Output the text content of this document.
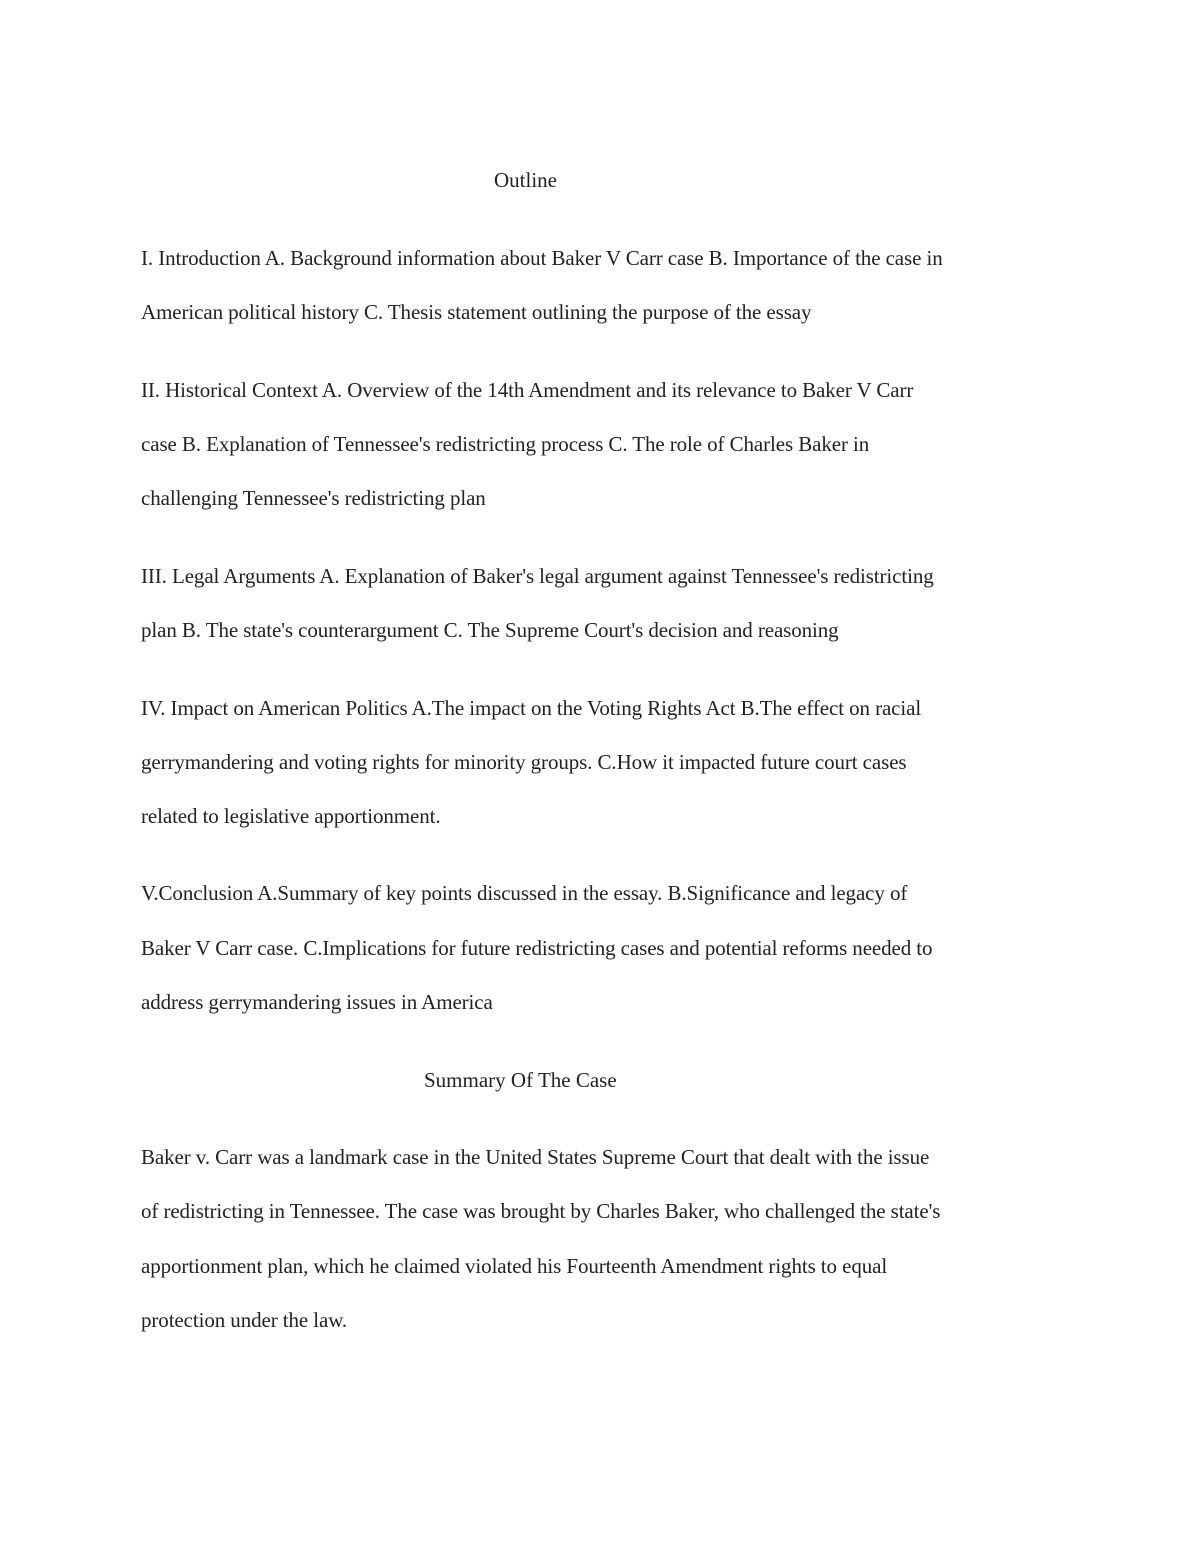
Outline
I. Introduction A. Background information about Baker V Carr case B. Importance of the case in
American political history C. Thesis statement outlining the purpose of the essay
II. Historical Context A. Overview of the 14th Amendment and its relevance to Baker V Carr
case B. Explanation of Tennessee's redistricting process C. The role of Charles Baker in
challenging Tennessee's redistricting plan
III. Legal Arguments A. Explanation of Baker's legal argument against Tennessee's redistricting
plan B. The state's counterargument C. The Supreme Court's decision and reasoning
IV. Impact on American Politics A.The impact on the Voting Rights Act B.The effect on racial
gerrymandering and voting rights for minority groups. C.How it impacted future court cases
related to legislative apportionment.
V.Conclusion A.Summary of key points discussed in the essay. B.Significance and legacy of
Baker V Carr case. C.Implications for future redistricting cases and potential reforms needed to
address gerrymandering issues in America
Summary Of The Case
Baker v. Carr was a landmark case in the United States Supreme Court that dealt with the issue
of redistricting in Tennessee. The case was brought by Charles Baker, who challenged the state's
apportionment plan, which he claimed violated his Fourteenth Amendment rights to equal
protection under the law.
